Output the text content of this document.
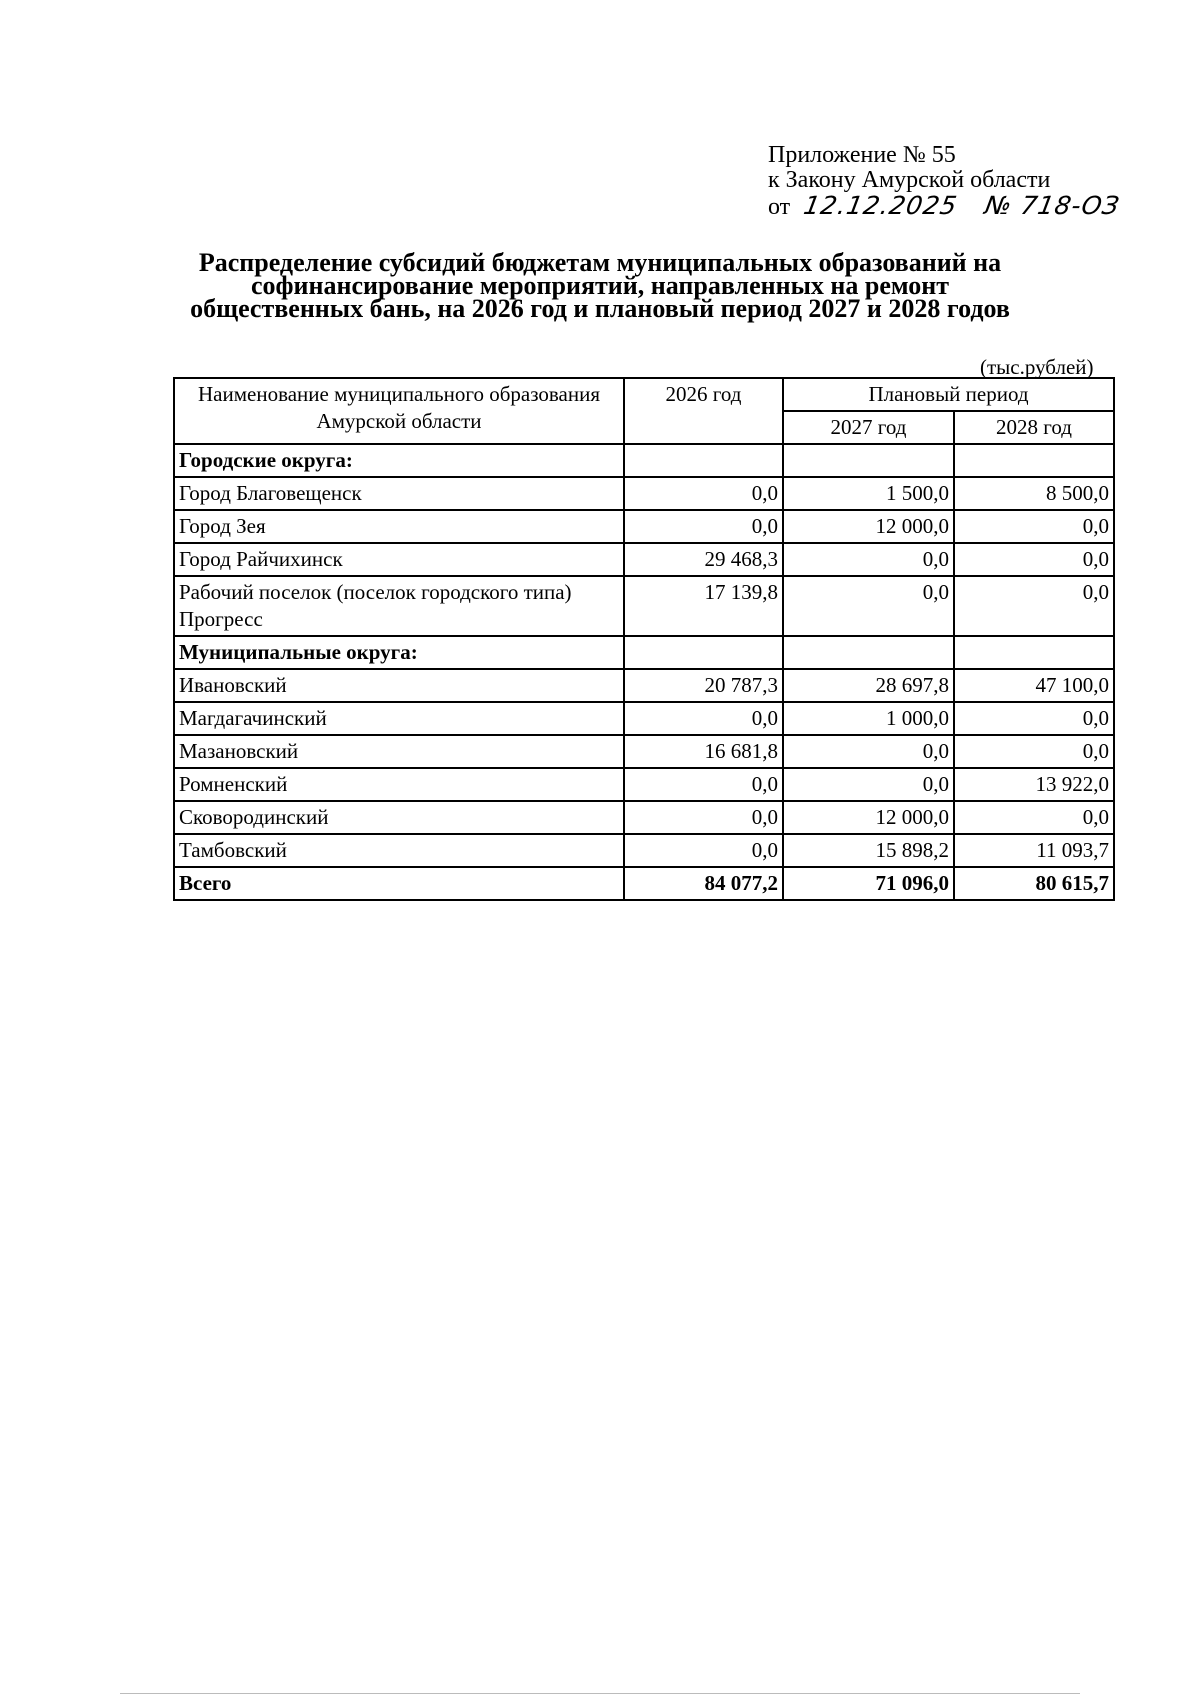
Приложение № 55
к Закону Амурской области
от 12.12.2025 № 718-ОЗ
Распределение субсидий бюджетам муниципальных образований на
софинансирование мероприятий, направленных на ремонт
общественных бань, на 2026 год и плановый период 2027 и 2028 годов
(тыс.рублей)
Наименование муниципального образования Амурской области	2026 год	Плановый период	
		2027 год	2028 год
Городские округа:			
Город Благовещенск	0,0	1 500,0	8 500,0
Город Зея	0,0	12 000,0	0,0
Город Райчихинск	29 468,3	0,0	0,0
Рабочий поселок (поселок городского типа) Прогресс	17 139,8	0,0	0,0
Муниципальные округа:			
Ивановский	20 787,3	28 697,8	47 100,0
Магдагачинский	0,0	1 000,0	0,0
Мазановский	16 681,8	0,0	0,0
Ромненский	0,0	0,0	13 922,0
Сковородинский	0,0	12 000,0	0,0
Тамбовский	0,0	15 898,2	11 093,7
Всего	84 077,2	71 096,0	80 615,7
